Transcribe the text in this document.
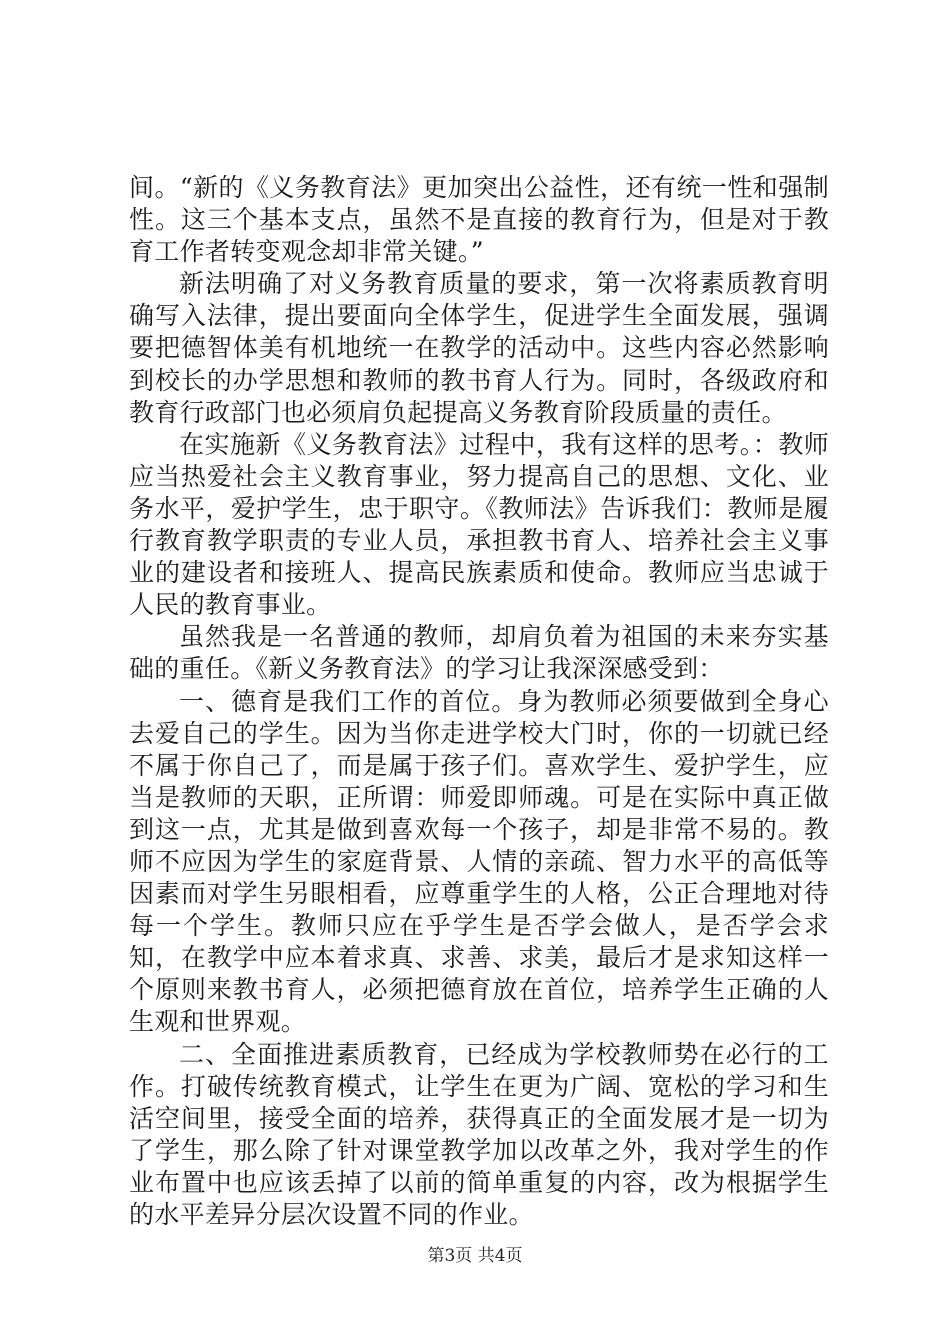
间。“新的《义务教育法》更加突出公益性，还有统一性和强制性。这三个基本支点，虽然不是直接的教育行为，但是对于教育工作者转变观念却非常关键。”

新法明确了对义务教育质量的要求，第一次将素质教育明确写入法律，提出要面向全体学生，促进学生全面发展，强调要把德智体美有机地统一在教学的活动中。这些内容必然影响到校长的办学思想和教师的教书育人行为。同时，各级政府和教育行政部门也必须肩负起提高义务教育阶段质量的责任。

在实施新《义务教育法》过程中，我有这样的思考。：教师应当热爱社会主义教育事业，努力提高自己的思想、文化、业务水平，爱护学生，忠于职守。《教师法》告诉我们：教师是履行教育教学职责的专业人员，承担教书育人、培养社会主义事业的建设者和接班人、提高民族素质和使命。教师应当忠诚于人民的教育事业。

虽然我是一名普通的教师，却肩负着为祖国的未来夯实基础的重任。《新义务教育法》的学习让我深深感受到：

一、德育是我们工作的首位。身为教师必须要做到全身心去爱自己的学生。因为当你走进学校大门时，你的一切就已经不属于你自己了，而是属于孩子们。喜欢学生、爱护学生，应当是教师的天职，正所谓：师爱即师魂。可是在实际中真正做到这一点，尤其是做到喜欢每一个孩子，却是非常不易的。教师不应因为学生的家庭背景、人情的亲疏、智力水平的高低等因素而对学生另眼相看，应尊重学生的人格，公正合理地对待每一个学生。教师只应在乎学生是否学会做人，是否学会求知，在教学中应本着求真、求善、求美，最后才是求知这样一个原则来教书育人，必须把德育放在首位，培养学生正确的人生观和世界观。

二、全面推进素质教育，已经成为学校教师势在必行的工作。打破传统教育模式，让学生在更为广阔、宽松的学习和生活空间里，接受全面的培养，获得真正的全面发展才是一切为了学生，那么除了针对课堂教学加以改革之外，我对学生的作业布置中也应该丢掉了以前的简单重复的内容，改为根据学生的水平差异分层次设置不同的作业。

第3页 共4页
